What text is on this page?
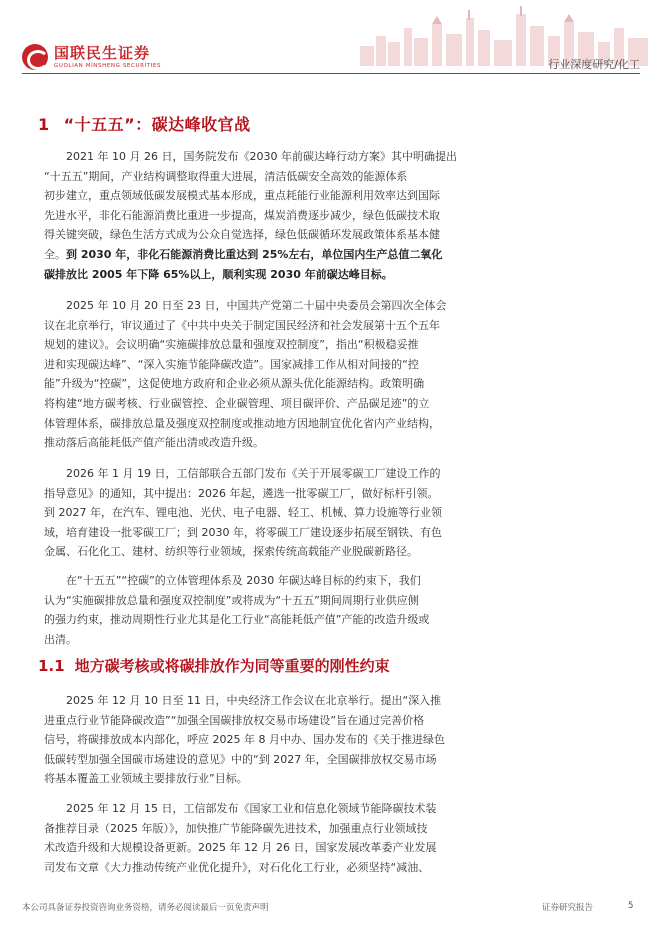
国联民生证券
GUOLIAN MINSHENG SECURITIES	行业深度研究/化工
1 “十五五”：碳达峰收官战
2021 年 10 月 26 日，国务院发布《2030 年前碳达峰行动方案》其中明确提出
“十五五”期间，产业结构调整取得重大进展，清洁低碳安全高效的能源体系
初步建立，重点领域低碳发展模式基本形成，重点耗能行业能源利用效率达到国际
先进水平，非化石能源消费比重进一步提高，煤炭消费逐步减少，绿色低碳技术取
得关键突破，绿色生活方式成为公众自觉选择，绿色低碳循环发展政策体系基本健
全。到 2030 年，非化石能源消费比重达到 25%左右，单位国内生产总值二氧化
碳排放比 2005 年下降 65%以上，顺利实现 2030 年前碳达峰目标。
2025 年 10 月 20 日至 23 日，中国共产党第二十届中央委员会第四次全体会
议在北京举行，审议通过了《中共中央关于制定国民经济和社会发展第十五个五年
规划的建议》。会议明确“实施碳排放总量和强度双控制度”，指出“积极稳妥推
进和实现碳达峰”、“深入实施节能降碳改造”。国家减排工作从相对间接的“控
能”升级为“控碳”，这促使地方政府和企业必须从源头优化能源结构。政策明确
将构建“地方碳考核、行业碳管控、企业碳管理、项目碳评价、产品碳足迹”的立
体管理体系，碳排放总量及强度双控制度或推动地方因地制宜优化省内产业结构，
推动落后高能耗低产值产能出清或改造升级。
2026 年 1 月 19 日，工信部联合五部门发布《关于开展零碳工厂建设工作的
指导意见》的通知，其中提出：2026 年起，遴选一批零碳工厂，做好标杆引领。
到 2027 年，在汽车、锂电池、光伏、电子电器、轻工、机械、算力设施等行业领
域，培育建设一批零碳工厂；到 2030 年，将零碳工厂建设逐步拓展至钢铁、有色
金属、石化化工、建材、纺织等行业领域，探索传统高载能产业脱碳新路径。
在“十五五”“控碳”的立体管理体系及 2030 年碳达峰目标的约束下，我们
认为“实施碳排放总量和强度双控制度”或将成为“十五五”期间周期行业供应侧
的强力约束，推动周期性行业尤其是化工行业“高能耗低产值”产能的改造升级或
出清。
1.1 地方碳考核或将碳排放作为同等重要的刚性约束
2025 年 12 月 10 日至 11 日，中央经济工作会议在北京举行。提出“深入推
进重点行业节能降碳改造”“加强全国碳排放权交易市场建设”旨在通过完善价格
信号，将碳排放成本内部化，呼应 2025 年 8 月中办、国办发布的《关于推进绿色
低碳转型加强全国碳市场建设的意见》中的“到 2027 年，全国碳排放权交易市场
将基本覆盖工业领域主要排放行业”目标。
2025 年 12 月 15 日，工信部发布《国家工业和信息化领域节能降碳技术装
备推荐目录（2025 年版）》，加快推广节能降碳先进技术，加强重点行业领域技
术改造升级和大规模设备更新。2025 年 12 月 26 日，国家发展改革委产业发展
司发布文章《大力推动传统产业优化提升》，对石化化工行业，必须坚持“减油、
本公司具备证券投资咨询业务资格，请务必阅读最后一页免责声明	证券研究报告	5
